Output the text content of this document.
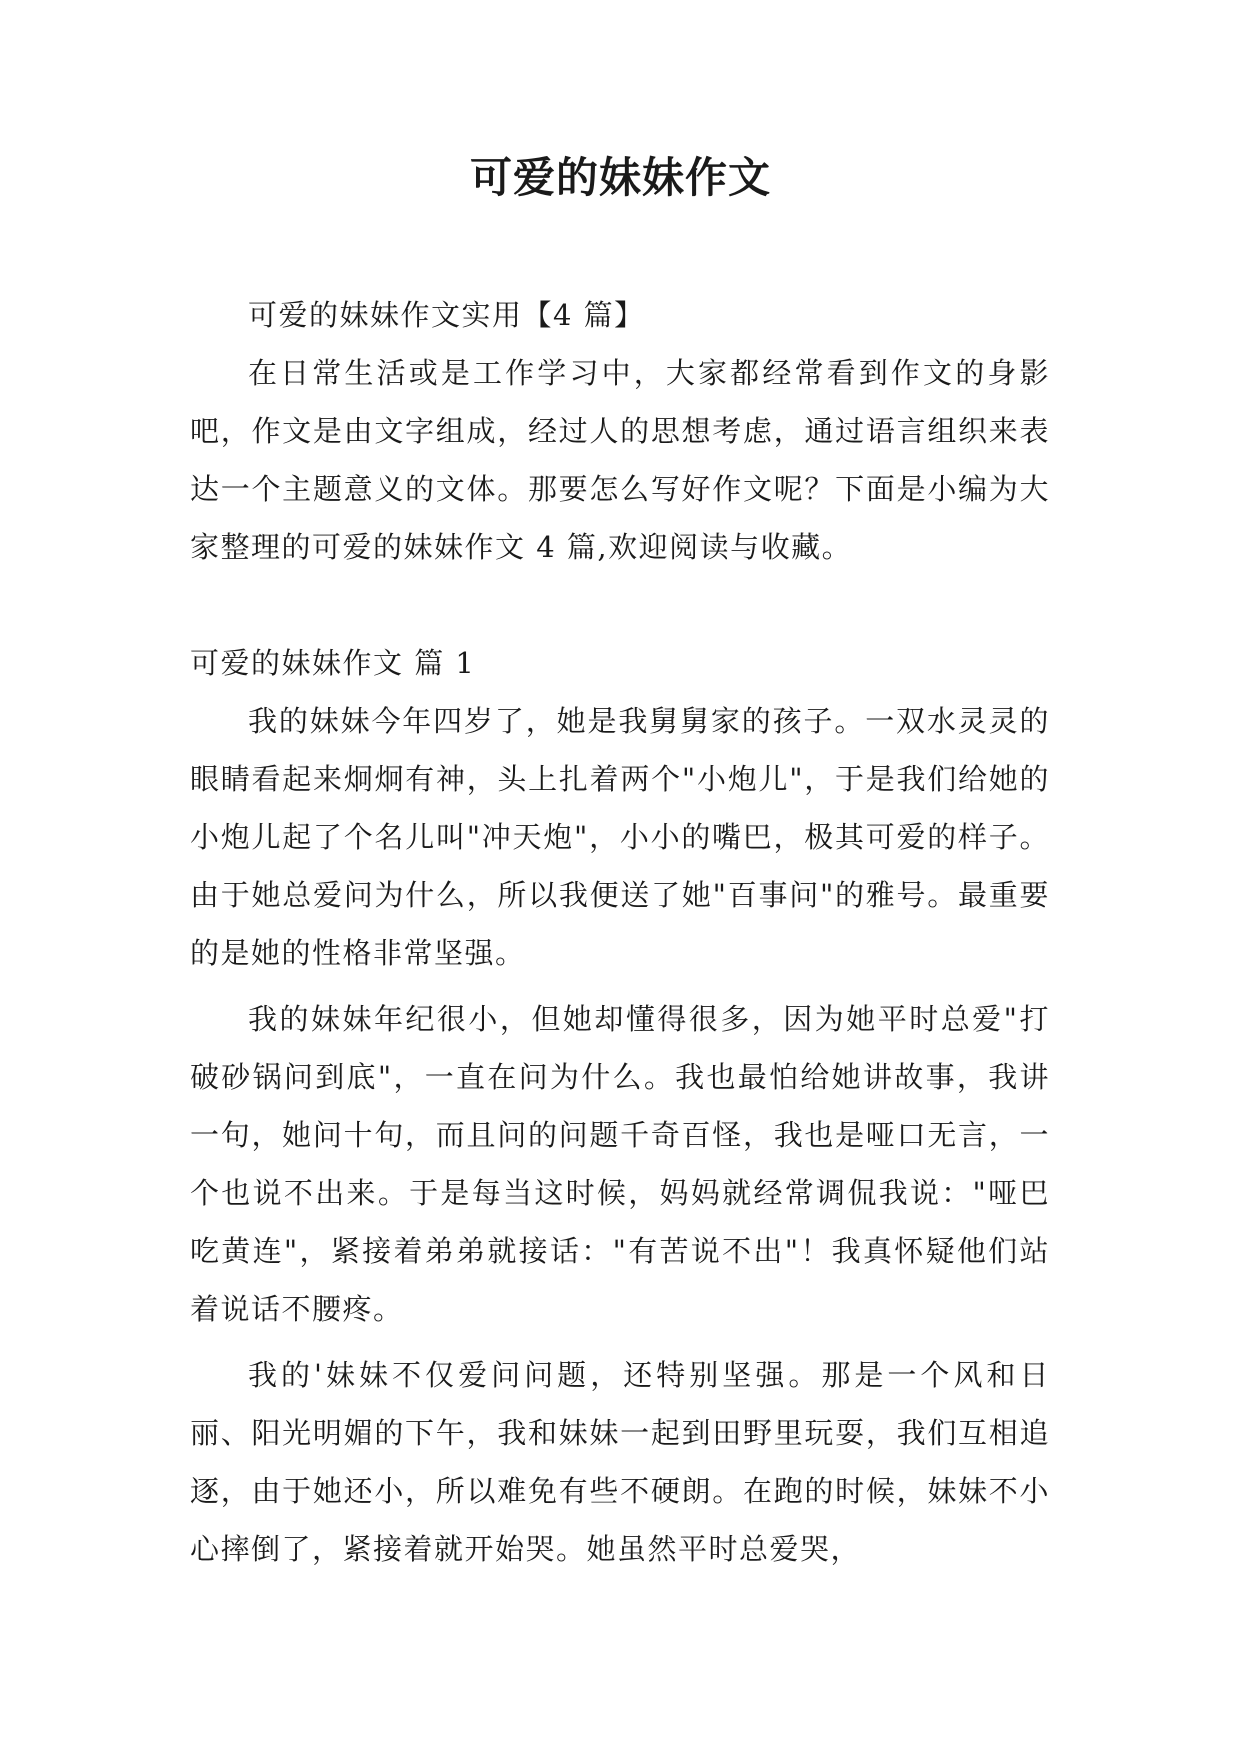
可爱的妹妹作文

可爱的妹妹作文实用【4 篇】

在日常生活或是工作学习中，大家都经常看到作文的身影吧，作文是由文字组成，经过人的思想考虑，通过语言组织来表达一个主题意义的文体。那要怎么写好作文呢？下面是小编为大家整理的可爱的妹妹作文 4 篇,欢迎阅读与收藏。

可爱的妹妹作文 篇 1

我的妹妹今年四岁了，她是我舅舅家的孩子。一双水灵灵的眼睛看起来炯炯有神，头上扎着两个"小炮儿"，于是我们给她的小炮儿起了个名儿叫"冲天炮"，小小的嘴巴，极其可爱的样子。由于她总爱问为什么，所以我便送了她"百事问"的雅号。最重要的是她的性格非常坚强。

我的妹妹年纪很小，但她却懂得很多，因为她平时总爱"打破砂锅问到底"，一直在问为什么。我也最怕给她讲故事，我讲一句，她问十句，而且问的问题千奇百怪，我也是哑口无言，一个也说不出来。于是每当这时候，妈妈就经常调侃我说："哑巴吃黄连"，紧接着弟弟就接话："有苦说不出"！我真怀疑他们站着说话不腰疼。

我的'妹妹不仅爱问问题，还特别坚强。那是一个风和日丽、阳光明媚的下午，我和妹妹一起到田野里玩耍，我们互相追逐，由于她还小，所以难免有些不硬朗。在跑的时候，妹妹不小心摔倒了，紧接着就开始哭。她虽然平时总爱哭，
